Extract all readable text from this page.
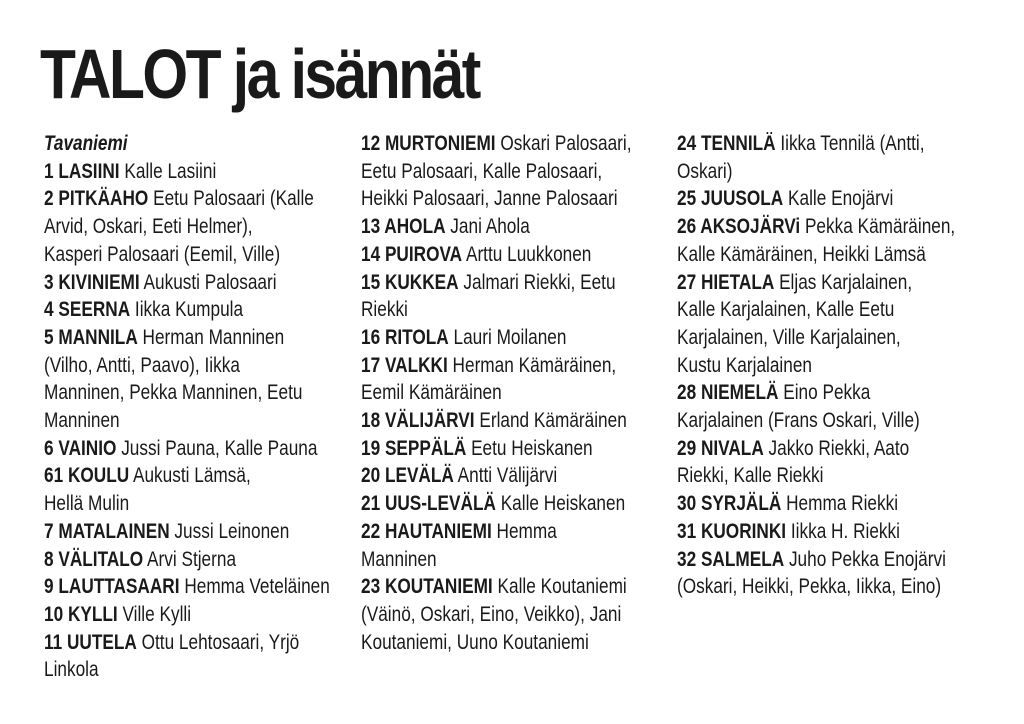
TALOT ja isännät
Tavaniemi
1 LASIINI Kalle Lasiini
2 PITKÄAHO Eetu Palosaari (Kalle
Arvid, Oskari, Eeti Helmer),
Kasperi Palosaari (Eemil, Ville)
3 KIVINIEMI Aukusti Palosaari
4 SEERNA Iikka Kumpula
5 MANNILA Herman Manninen
(Vilho, Antti, Paavo), Iikka
Manninen, Pekka Manninen, Eetu
Manninen
6 VAINIO Jussi Pauna, Kalle Pauna
61 KOULU Aukusti Lämsä,
Hellä Mulin
7 MATALAINEN Jussi Leinonen
8 VÄLITALO Arvi Stjerna
9 LAUTTASAARI Hemma Veteläinen
10 KYLLI Ville Kylli
11 UUTELA Ottu Lehtosaari, Yrjö
Linkola
12 MURTONIEMI Oskari Palosaari,
Eetu Palosaari, Kalle Palosaari,
Heikki Palosaari, Janne Palosaari
13 AHOLA Jani Ahola
14 PUIROVA Arttu Luukkonen
15 KUKKEA Jalmari Riekki, Eetu
Riekki
16 RITOLA Lauri Moilanen
17 VALKKI Herman Kämäräinen,
Eemil Kämäräinen
18 VÄLIJÄRVI Erland Kämäräinen
19 SEPPÄLÄ Eetu Heiskanen
20 LEVÄLÄ Antti Välijärvi
21 UUS-LEVÄLÄ Kalle Heiskanen
22 HAUTANIEMI Hemma
Manninen
23 KOUTANIEMI Kalle Koutaniemi
(Väinö, Oskari, Eino, Veikko), Jani
Koutaniemi, Uuno Koutaniemi
24 TENNILÄ Iikka Tennilä (Antti,
Oskari)
25 JUUSOLA Kalle Enojärvi
26 AKSOJÄRVi Pekka Kämäräinen,
Kalle Kämäräinen, Heikki Lämsä
27 HIETALA Eljas Karjalainen,
Kalle Karjalainen, Kalle Eetu
Karjalainen, Ville Karjalainen,
Kustu Karjalainen
28 NIEMELÄ Eino Pekka
Karjalainen (Frans Oskari, Ville)
29 NIVALA Jakko Riekki, Aato
Riekki, Kalle Riekki
30 SYRJÄLÄ Hemma Riekki
31 KUORINKI Iikka H. Riekki
32 SALMELA Juho Pekka Enojärvi
(Oskari, Heikki, Pekka, Iikka, Eino)
